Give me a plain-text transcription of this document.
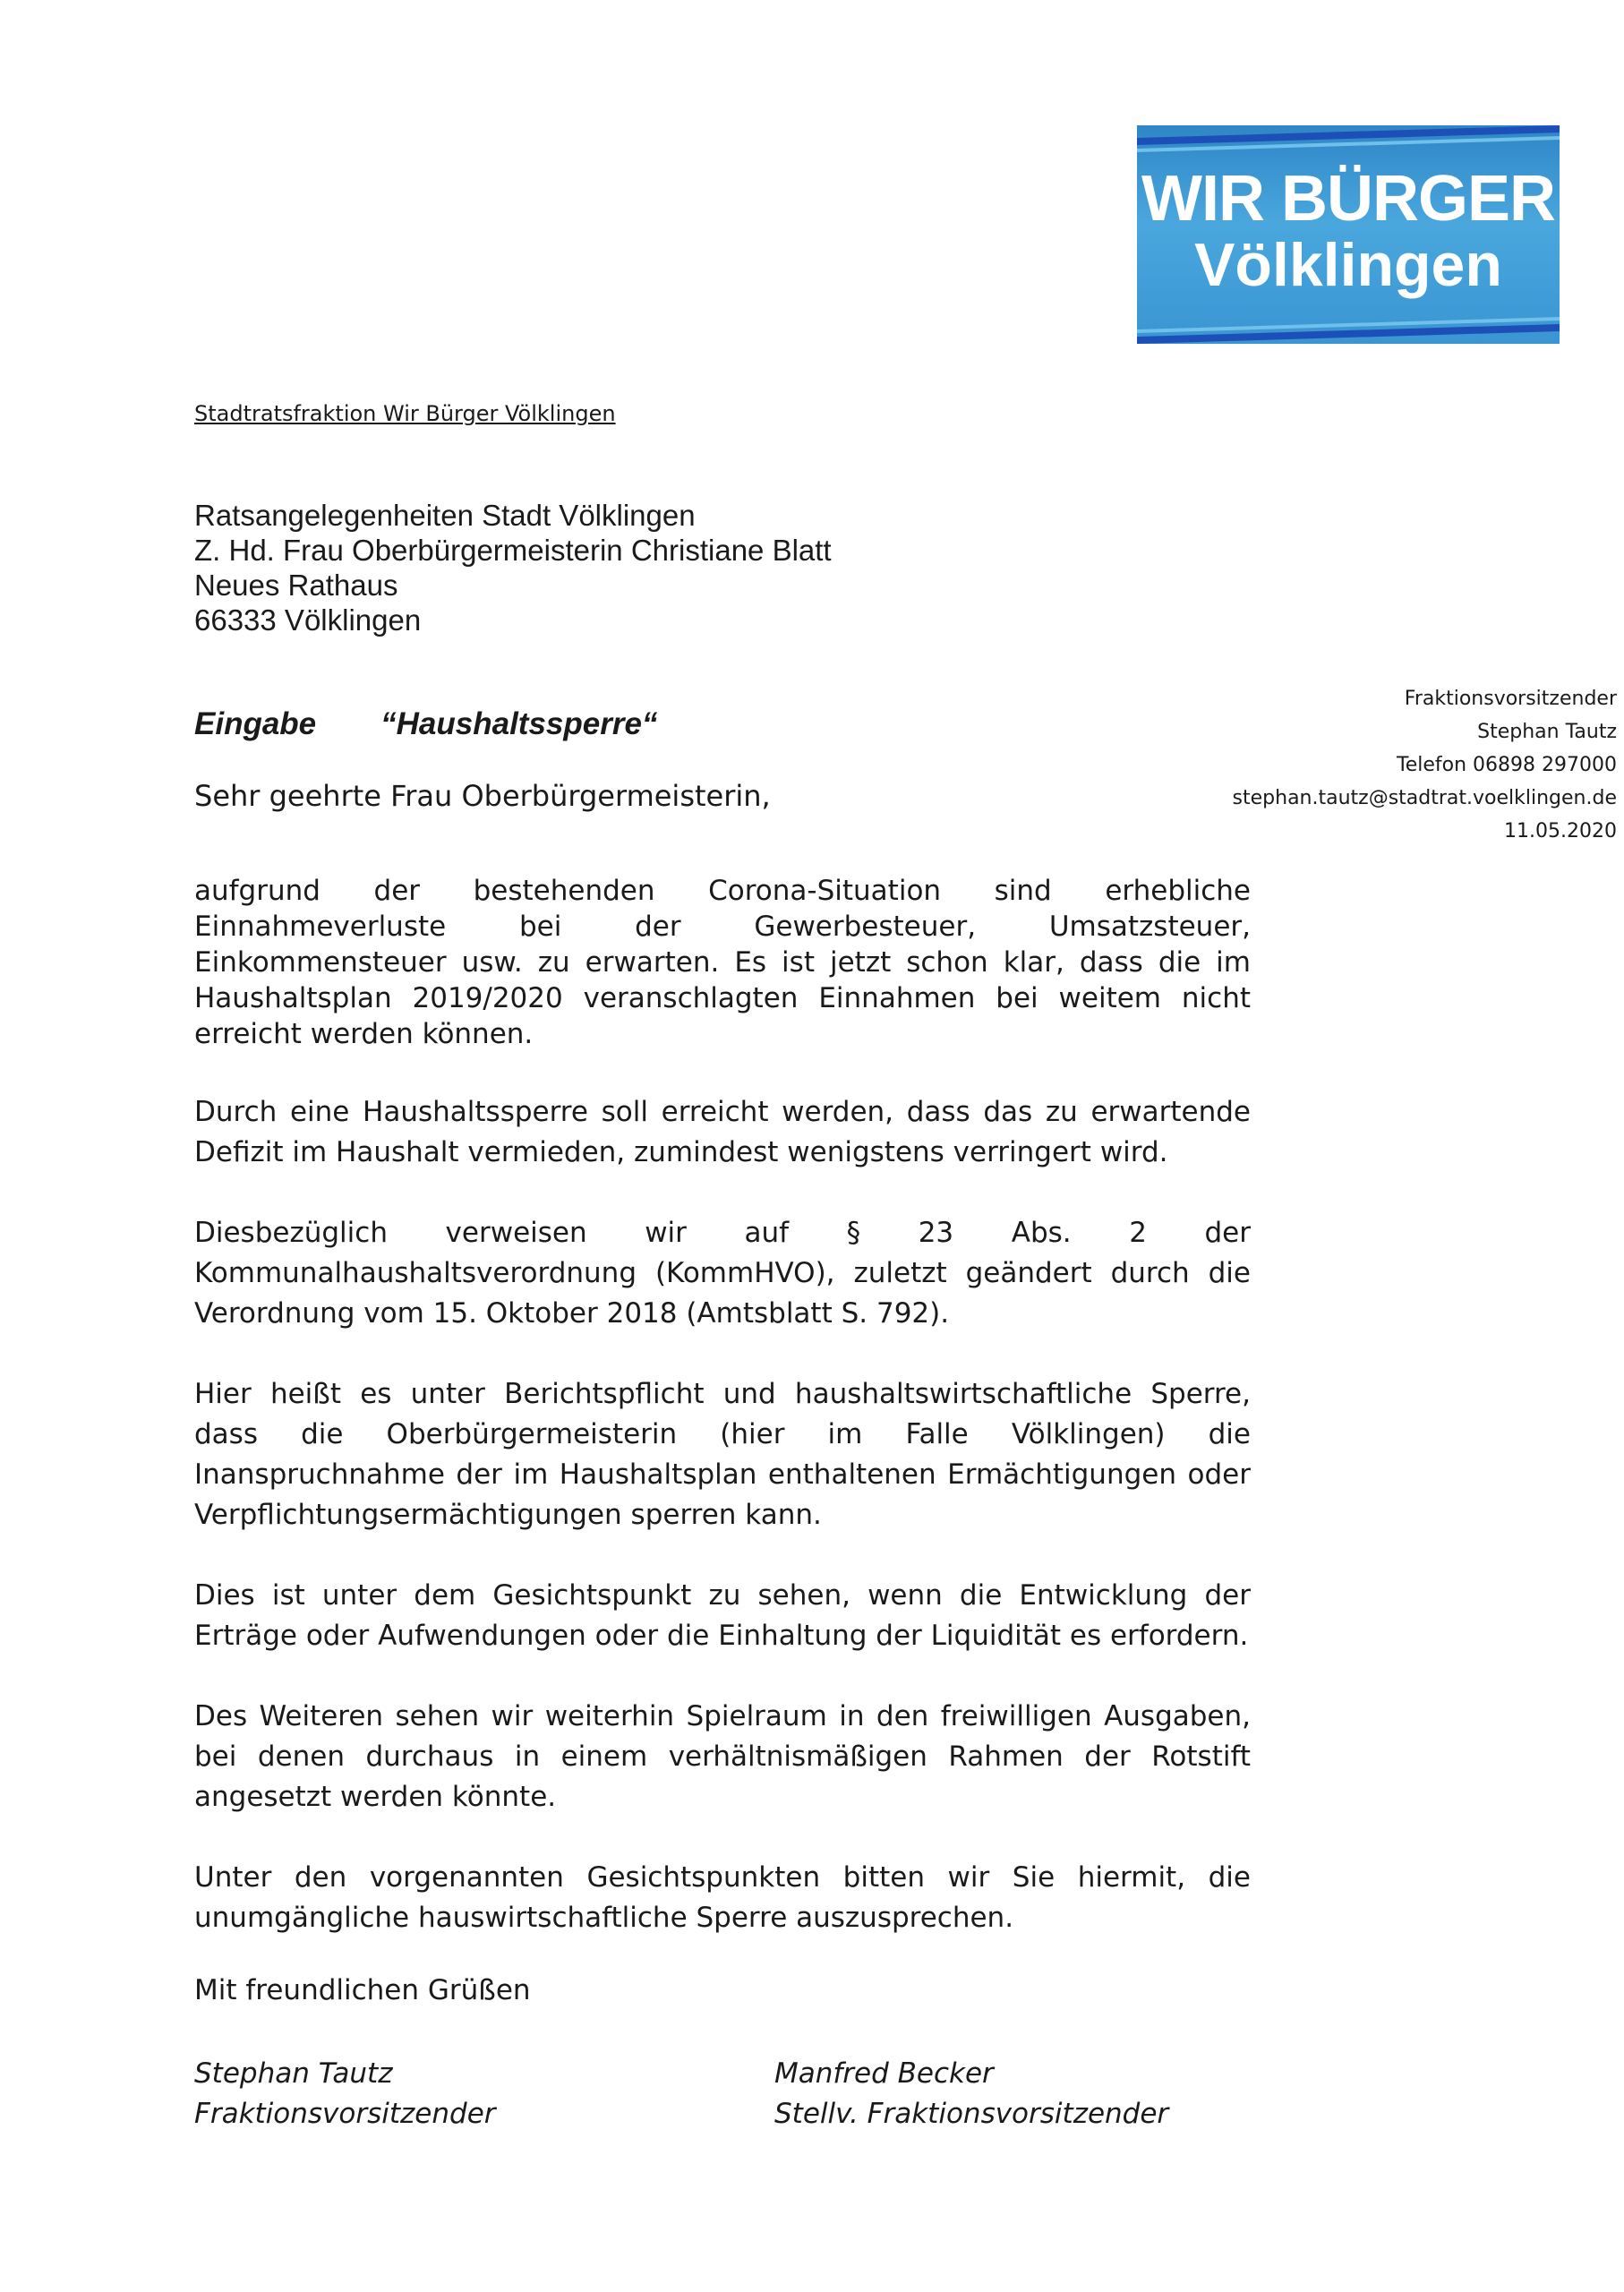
WIR BÜRGER
Völklingen
Stadtratsfraktion Wir Bürger Völklingen
Ratsangelegenheiten Stadt Völklingen
Z. Hd. Frau Oberbürgermeisterin Christiane Blatt
Neues Rathaus
66333 Völklingen
Eingabe “Haushaltssperre“
Fraktionsvorsitzender
Stephan Tautz
Telefon 06898 297000
stephan.tautz@stadtrat.voelklingen.de
11.05.2020
Sehr geehrte Frau Oberbürgermeisterin,

aufgrund der bestehenden Corona-Situation sind erhebliche Einnahmeverluste bei der Gewerbesteuer, Umsatzsteuer, Einkommensteuer usw. zu erwarten. Es ist jetzt schon klar, dass die im Haushaltsplan 2019/2020 veranschlagten Einnahmen bei weitem nicht erreicht werden können.

Durch eine Haushaltssperre soll erreicht werden, dass das zu erwartende Defizit im Haushalt vermieden, zumindest wenigstens verringert wird.

Diesbezüglich verweisen wir auf § 23 Abs. 2 der Kommunalhaushaltsverordnung (KommHVO), zuletzt geändert durch die Verordnung vom 15. Oktober 2018 (Amtsblatt S. 792).

Hier heißt es unter Berichtspflicht und haushaltswirtschaftliche Sperre, dass die Oberbürgermeisterin (hier im Falle Völklingen) die Inanspruchnahme der im Haushaltsplan enthaltenen Ermächtigungen oder Verpflichtungsermächtigungen sperren kann.

Dies ist unter dem Gesichtspunkt zu sehen, wenn die Entwicklung der Erträge oder Aufwendungen oder die Einhaltung der Liquidität es erfordern.

Des Weiteren sehen wir weiterhin Spielraum in den freiwilligen Ausgaben, bei denen durchaus in einem verhältnismäßigen Rahmen der Rotstift angesetzt werden könnte.

Unter den vorgenannten Gesichtspunkten bitten wir Sie hiermit, die unumgängliche hauswirtschaftliche Sperre auszusprechen.

Mit freundlichen Grüßen
Stephan Tautz
Fraktionsvorsitzender
Manfred Becker
Stellv. Fraktionsvorsitzender
